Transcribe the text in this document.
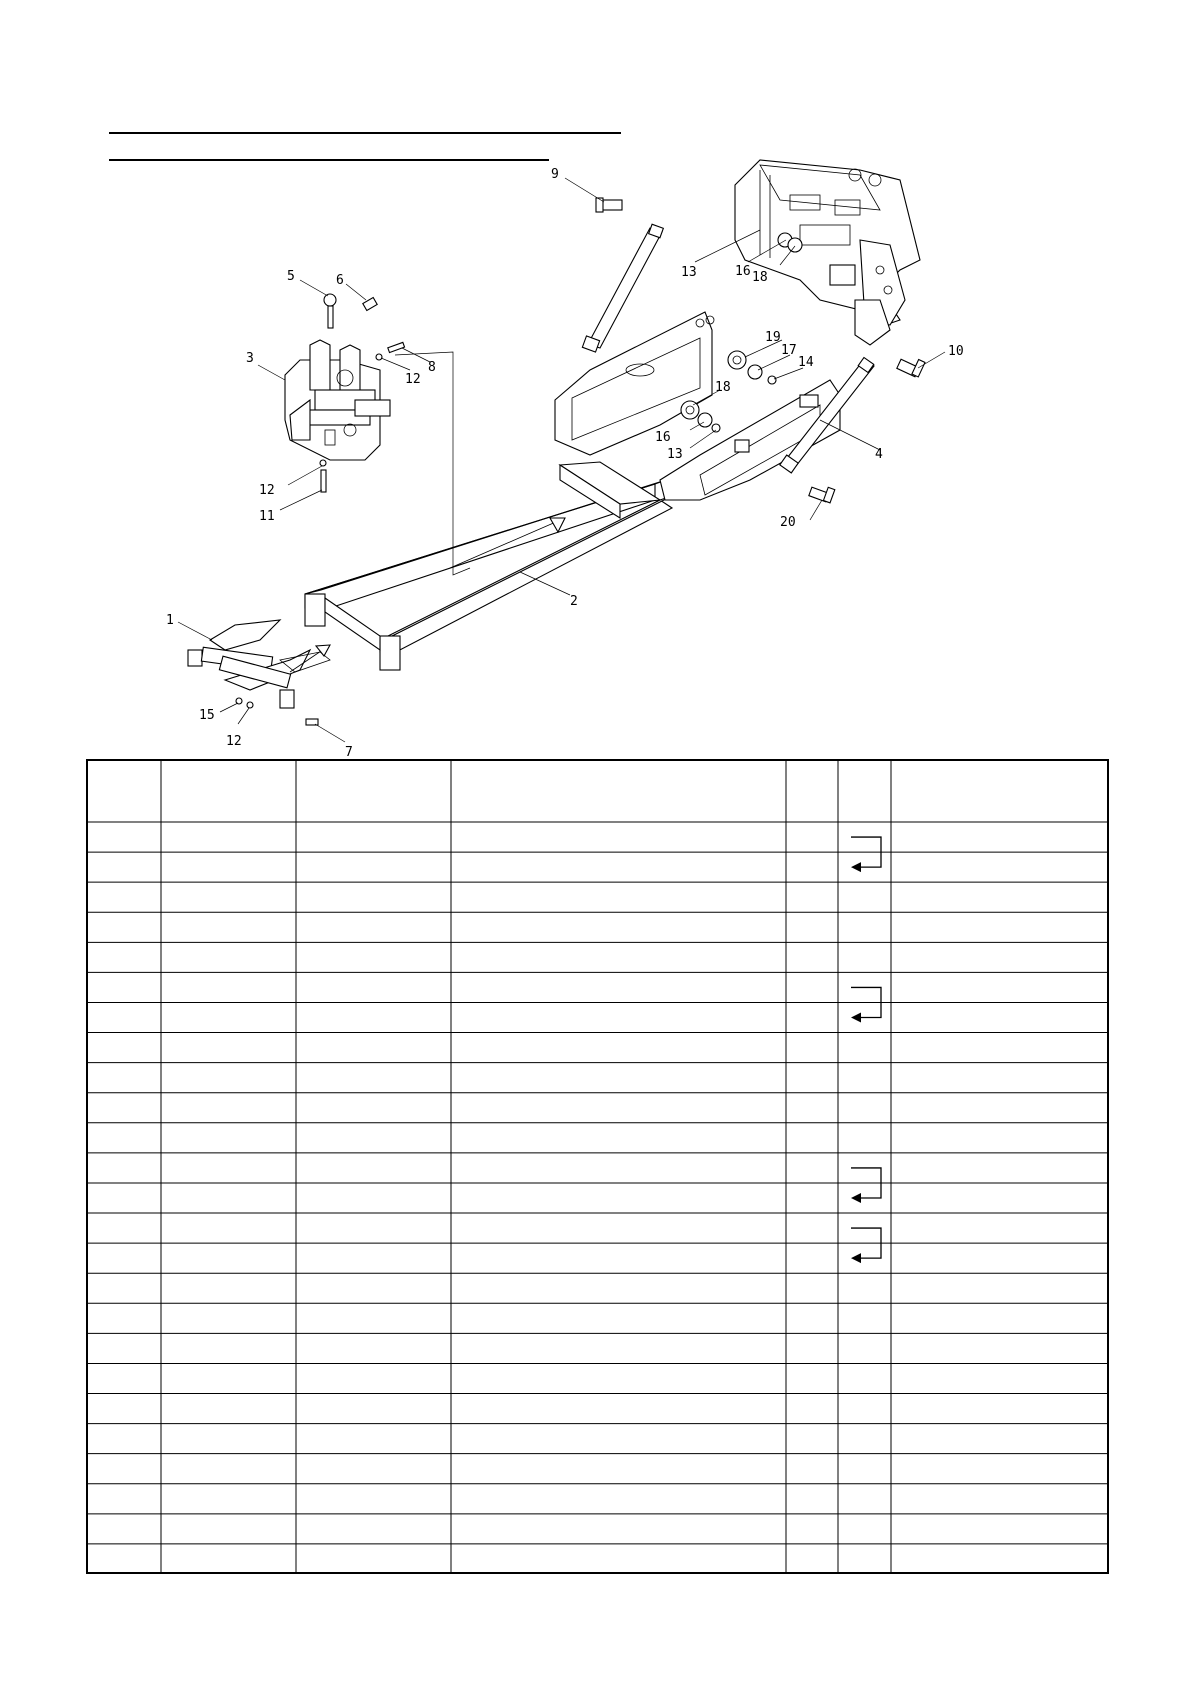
9
13	16 18
10
5	6
3
8
12
12
11
19
17
14
18
16
13	4
20
2
1
15
12
7
